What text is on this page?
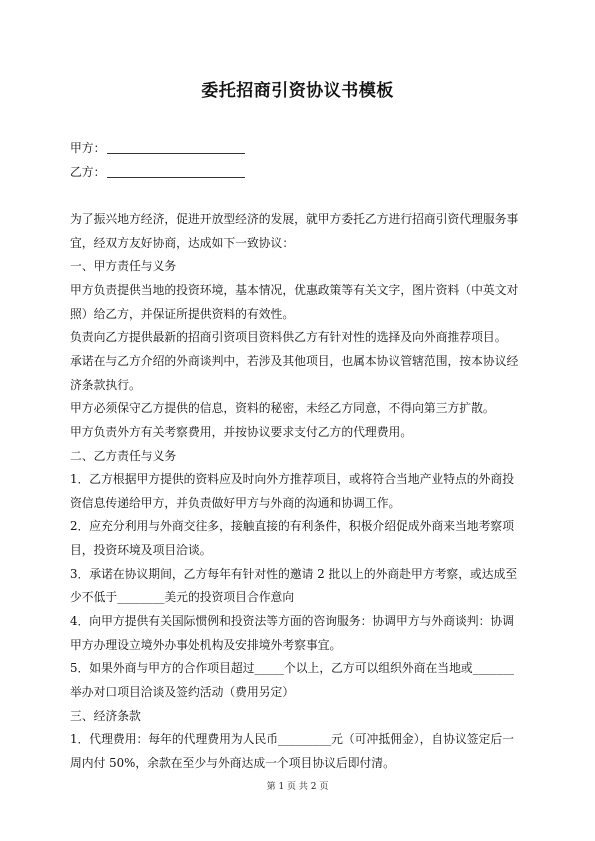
委托招商引资协议书模板
甲方：
乙方：
为了振兴地方经济，促进开放型经济的发展，就甲方委托乙方进行招商引资代理服务事
宜，经双方友好协商，达成如下一致协议：
一、甲方责任与义务
甲方负责提供当地的投资环境，基本情况，优惠政策等有关文字，图片资料（中英文对
照）给乙方，并保证所提供资料的有效性。
负责向乙方提供最新的招商引资项目资料供乙方有针对性的选择及向外商推荐项目。
承诺在与乙方介绍的外商谈判中，若涉及其他项目，也属本协议管辖范围，按本协议经
济条款执行。
甲方必须保守乙方提供的信息，资料的秘密，未经乙方同意，不得向第三方扩散。
甲方负责外方有关考察费用，并按协议要求支付乙方的代理费用。
二、乙方责任与义务
1．乙方根据甲方提供的资料应及时向外方推荐项目，或将符合当地产业特点的外商投
资信息传递给甲方，并负责做好甲方与外商的沟通和协调工作。
2．应充分利用与外商交往多，接触直接的有利条件，积极介绍促成外商来当地考察项
目，投资环境及项目洽谈。
3．承诺在协议期间，乙方每年有针对性的邀请 2 批以上的外商赴甲方考察，或达成至
少不低于________美元的投资项目合作意向
4．向甲方提供有关国际惯例和投资法等方面的咨询服务：协调甲方与外商谈判：协调
甲方办理设立境外办事处机构及安排境外考察事宜。
5．如果外商与甲方的合作项目超过_____个以上，乙方可以组织外商在当地或_______
举办对口项目洽谈及签约活动（费用另定）
三、经济条款
1．代理费用：每年的代理费用为人民币_________元（可冲抵佣金），自协议签定后一
周内付 50%，余款在至少与外商达成一个项目协议后即付清。
第 1 页 共 2 页
